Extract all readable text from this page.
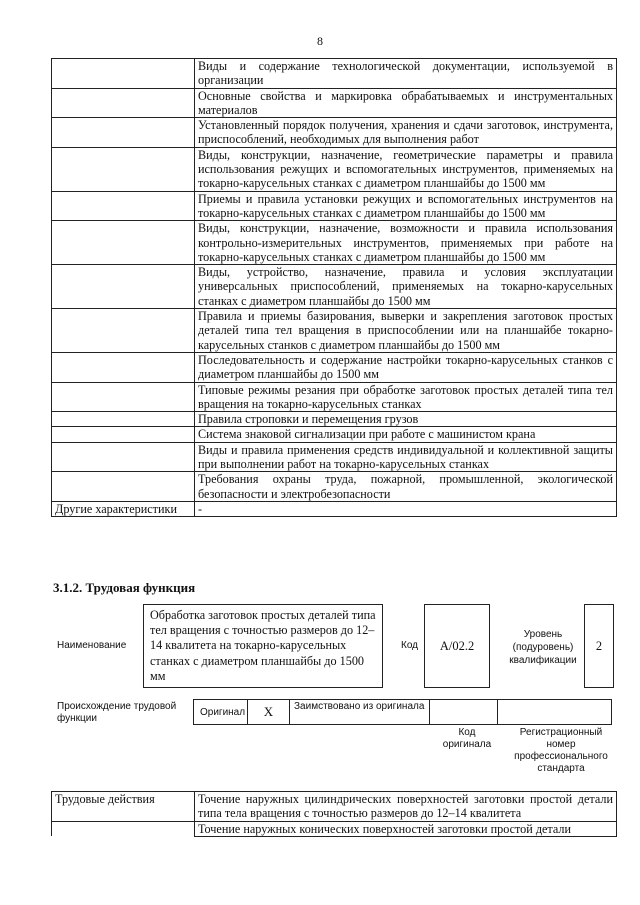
8
	Виды и содержание технологической документации, используемой в организации
	Основные свойства и маркировка обрабатываемых и инструментальных материалов
	Установленный порядок получения, хранения и сдачи заготовок, инструмента, приспособлений, необходимых для выполнения работ
	Виды, конструкции, назначение, геометрические параметры и правила использования режущих и вспомогательных инструментов, применяемых на токарно-карусельных станках с диаметром планшайбы до 1500 мм
	Приемы и правила установки режущих и вспомогательных инструментов на токарно-карусельных станках с диаметром планшайбы до 1500 мм
	Виды, конструкции, назначение, возможности и правила использования контрольно-измерительных инструментов, применяемых при работе на токарно-карусельных станках с диаметром планшайбы до 1500 мм
	Виды, устройство, назначение, правила и условия эксплуатации универсальных приспособлений, применяемых на токарно-карусельных станках с диаметром планшайбы до 1500 мм
	Правила и приемы базирования, выверки и закрепления заготовок простых деталей типа тел вращения в приспособлении или на планшайбе токарно-карусельных станков с диаметром планшайбы до 1500 мм
	Последовательность и содержание настройки токарно-карусельных станков с диаметром планшайбы до 1500 мм
	Типовые режимы резания при обработке заготовок простых деталей типа тел вращения на токарно-карусельных станках
	Правила строповки и перемещения грузов
	Система знаковой сигнализации при работе с машинистом крана
	Виды и правила применения средств индивидуальной и коллективной защиты при выполнении работ на токарно-карусельных станках
	Требования охраны труда, пожарной, промышленной, экологической безопасности и электробезопасности
Другие характеристики	-
3.1.2. Трудовая функция
Наименование
Обработка заготовок простых деталей типа тел вращения с точностью размеров до 12–14 квалитета на токарно-карусельных станках с диаметром планшайбы до 1500 мм
Код	A/02.2
Уровень (подуровень) квалификации
2
Происхождение трудовой функции
Оригинал	X	Заимствовано из оригинала
Код оригинала
Регистрационный номер профессионального стандарта
Трудовые действия	Точение наружных цилиндрических поверхностей заготовки простой детали типа тела вращения с точностью размеров до 12–14 квалитета
	Точение наружных конических поверхностей заготовки простой детали
